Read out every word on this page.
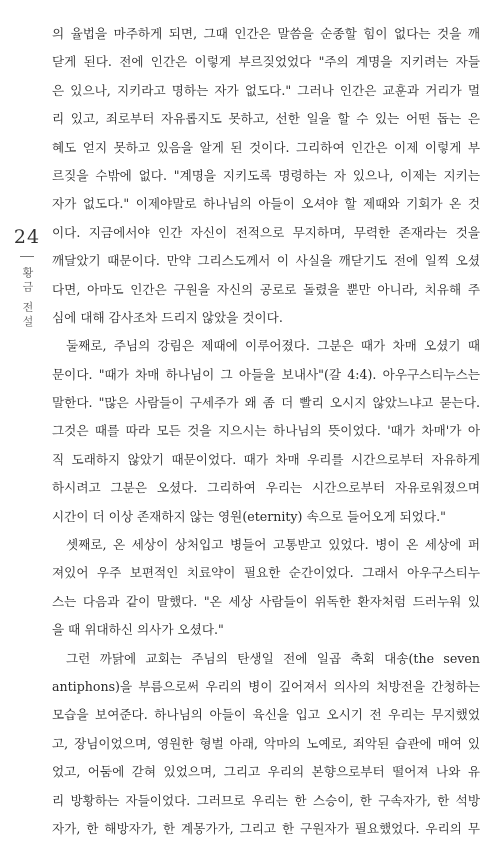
24
황금 전설
의 율법을 마주하게 되면, 그때 인간은 말씀을 순종할 힘이 없다는 것을 깨
닫게 된다. 전에 인간은 이렇게 부르짖었었다 "주의 계명을 지키려는 자들
은 있으나, 지키라고 명하는 자가 없도다." 그러나 인간은 교훈과 거리가 멀
리 있고, 죄로부터 자유롭지도 못하고, 선한 일을 할 수 있는 어떤 돕는 은
혜도 얻지 못하고 있음을 알게 된 것이다. 그리하여 인간은 이제 이렇게 부
르짖을 수밖에 없다. "계명을 지키도록 명령하는 자 있으나, 이제는 지키는
자가 없도다." 이제야말로 하나님의 아들이 오셔야 할 제때와 기회가 온 것
이다. 지금에서야 인간 자신이 전적으로 무지하며, 무력한 존재라는 것을
깨달았기 때문이다. 만약 그리스도께서 이 사실을 깨닫기도 전에 일찍 오셨
다면, 아마도 인간은 구원을 자신의 공로로 돌렸을 뿐만 아니라, 치유해 주
심에 대해 감사조차 드리지 않았을 것이다.
둘째로, 주님의 강림은 제때에 이루어졌다. 그분은 때가 차매 오셨기 때
문이다. "때가 차매 하나님이 그 아들을 보내사"(갈 4:4). 아우구스티누스는
말한다. "많은 사람들이 구세주가 왜 좀 더 빨리 오시지 않았느냐고 묻는다.
그것은 때를 따라 모든 것을 지으시는 하나님의 뜻이었다. '때가 차매'가 아
직 도래하지 않았기 때문이었다. 때가 차매 우리를 시간으로부터 자유하게
하시려고 그분은 오셨다. 그리하여 우리는 시간으로부터 자유로워졌으며
시간이 더 이상 존재하지 않는 영원(eternity) 속으로 들어오게 되었다."
셋째로, 온 세상이 상처입고 병들어 고통받고 있었다. 병이 온 세상에 퍼
져있어 우주 보편적인 치료약이 필요한 순간이었다. 그래서 아우구스티누
스는 다음과 같이 말했다. "온 세상 사람들이 위독한 환자처럼 드러누워 있
을 때 위대하신 의사가 오셨다."
그런 까닭에 교회는 주님의 탄생일 전에 일곱 축회 대송(the seven
antiphons)을 부름으로써 우리의 병이 깊어져서 의사의 처방전을 간청하는
모습을 보여준다. 하나님의 아들이 육신을 입고 오시기 전 우리는 무지했었
고, 장님이었으며, 영원한 형벌 아래, 악마의 노예로, 죄악된 습관에 매여 있
었고, 어둠에 갇혀 있었으며, 그리고 우리의 본향으로부터 떨어져 나와 유
리 방황하는 자들이었다. 그러므로 우리는 한 스승이, 한 구속자가, 한 석방
자가, 한 해방자가, 한 계몽가가, 그리고 한 구원자가 필요했었다. 우리의 무
